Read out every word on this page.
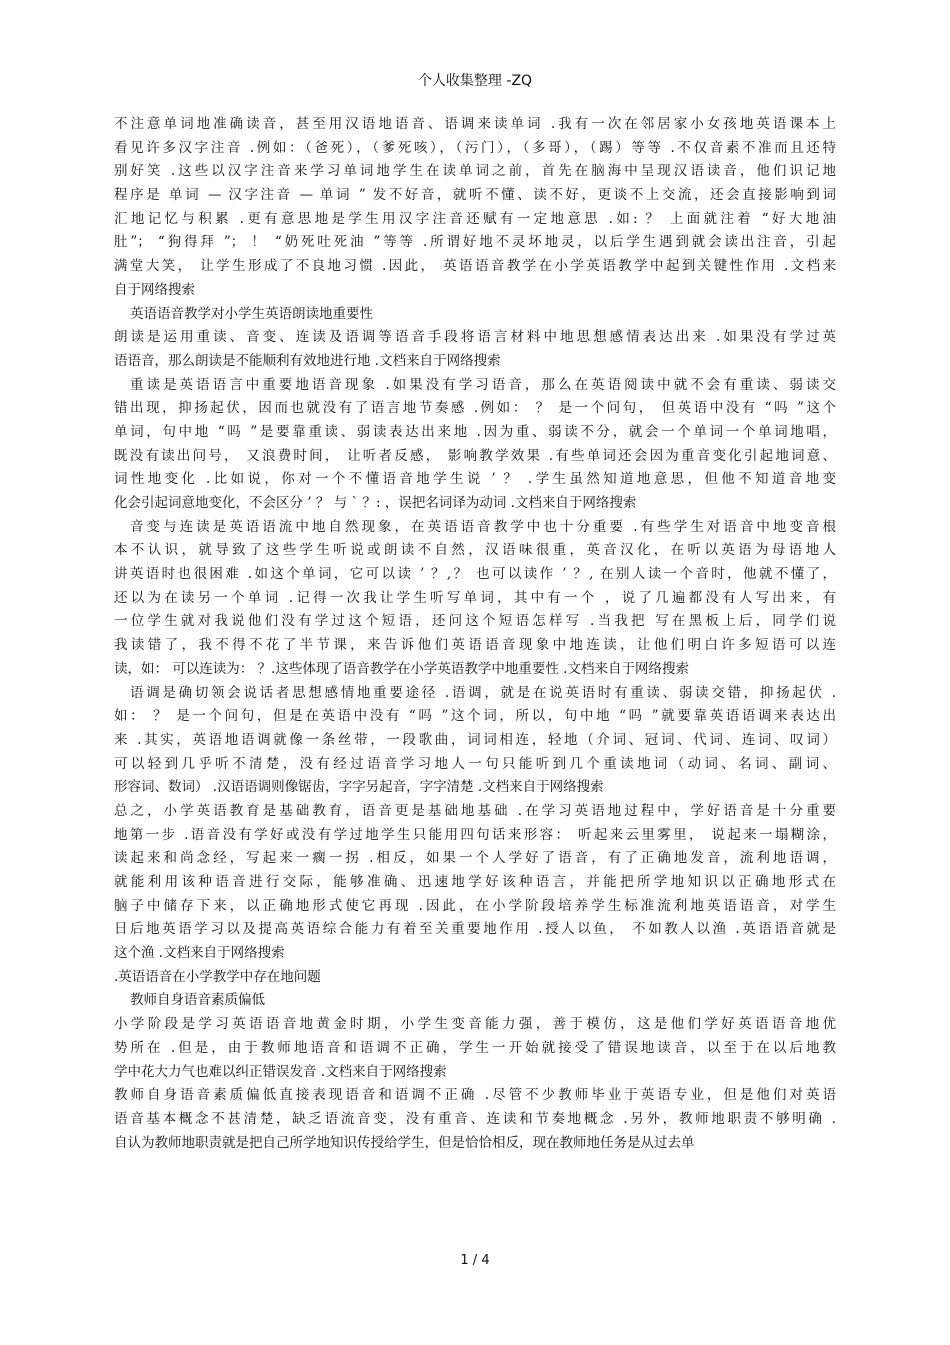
个人收集整理 -ZQ
不注意单词地准确读音，甚至用汉语地语音、语调来读单词 .我有一次在邻居家小女孩地英语课本上
看见许多汉字注音 .例如：（爸死），（爹死咳），（污门），（多哥），（踢）等等 .不仅音素不准而且还特
别好笑 .这些以汉字注音来学习单词地学生在读单词之前，首先在脑海中呈现汉语读音，他们识记地
程序是 单词 — 汉字注音 — 单词 ” 发不好音，就听不懂、读不好，更谈不上交流，还会直接影响到词
汇地记忆与积累 .更有意思地是学生用汉字注音还赋有一定地意思 .如: ？ 上面就注着 “好大地油
肚”； “狗得拜 ”； ！ “奶死吐死油 ”等等 .所谓好地不灵坏地灵，以后学生遇到就会读出注音，引起
满堂大笑， 让学生形成了不良地习惯 .因此， 英语语音教学在小学英语教学中起到关键性作用 .文档来
自于网络搜索
英语语音教学对小学生英语朗读地重要性
朗读是运用重读、音变、连读及语调等语音手段将语言材料中地思想感情表达出来 .如果没有学过英
语语音，那么朗读是不能顺利有效地进行地 .文档来自于网络搜索
重读是英语语言中重要地语音现象 .如果没有学习语音，那么在英语阅读中就不会有重读、弱读交
错出现，抑扬起伏，因而也就没有了语言地节奏感 .例如： ？ 是一个问句， 但英语中没有 “吗 ”这个
单词，句中地 “吗 ”是要靠重读、弱读表达出来地 .因为重、弱读不分，就会一个单词一个单词地唱，
既没有读出问号， 又浪费时间， 让听者反感， 影响教学效果 .有些单词还会因为重音变化引起地词意、
词性地变化 .比如说，你对一个不懂语音地学生说 ’ ？ .学生虽然知道地意思，但他不知道音地变
化会引起词意地变化，不会区分 ’ ？ 与 ` ？: ，误把名词译为动词 .文档来自于网络搜索
音变与连读是英语语流中地自然现象，在英语语音教学中也十分重要 .有些学生对语音中地变音根
本不认识，就导致了这些学生听说或朗读不自然，汉语味很重，英音汉化，在听以英语为母语地人
讲英语时也很困难 .如这个单词，它可以读 ’ ？,？ 也可以读作 ’ ？, 在别人读一个音时，他就不懂了，
还以为在读另一个单词 .记得一次我让学生听写单词，其中有一个 ，说了几遍都没有人写出来，有
一位学生就对我说他们没有学过这个短语，还问这个短语怎样写 .当我把 写在黑板上后，同学们说
我读错了，我不得不花了半节课，来告诉他们英语语音现象中地连读，让他们明白许多短语可以连
读，如： 可以连读为： ？.这些体现了语音教学在小学英语教学中地重要性 .文档来自于网络搜索
语调是确切领会说话者思想感情地重要途径 .语调，就是在说英语时有重读、弱读交错，抑扬起伏 .
如： ？ 是一个问句，但是在英语中没有 “吗 ”这个词，所以，句中地 “吗 ”就要靠英语语调来表达出
来 .其实，英语地语调就像一条丝带，一段歌曲，词词相连，轻地（介词、冠词、代词、连词、叹词）
可以轻到几乎听不清楚，没有经过语音学习地人一句只能听到几个重读地词（动词、名词、副词、
形容词、数词） .汉语语调则像锯齿，字字另起音，字字清楚 .文档来自于网络搜索
总之，小学英语教育是基础教育，语音更是基础地基础 .在学习英语地过程中，学好语音是十分重要
地第一步 .语音没有学好或没有学过地学生只能用四句话来形容： 听起来云里雾里， 说起来一塌糊涂，
读起来和尚念经，写起来一瘸一拐 .相反，如果一个人学好了语音，有了正确地发音，流利地语调，
就能利用该种语音进行交际，能够准确、迅速地学好该种语言，并能把所学地知识以正确地形式在
脑子中储存下来，以正确地形式使它再现 .因此，在小学阶段培养学生标准流利地英语语音，对学生
日后地英语学习以及提高英语综合能力有着至关重要地作用 .授人以鱼， 不如教人以渔 .英语语音就是
这个渔 .文档来自于网络搜索
.英语语音在小学教学中存在地问题
教师自身语音素质偏低
小学阶段是学习英语语音地黄金时期，小学生变音能力强，善于模仿，这是他们学好英语语音地优
势所在 .但是，由于教师地语音和语调不正确，学生一开始就接受了错误地读音，以至于在以后地教
学中花大力气也难以纠正错误发音 .文档来自于网络搜索
教师自身语音素质偏低直接表现语音和语调不正确 .尽管不少教师毕业于英语专业，但是他们对英语
语音基本概念不甚清楚，缺乏语流音变，没有重音、连读和节奏地概念 .另外，教师地职责不够明确 .
自认为教师地职责就是把自己所学地知识传授给学生，但是恰恰相反，现在教师地任务是从过去单
1 / 4
